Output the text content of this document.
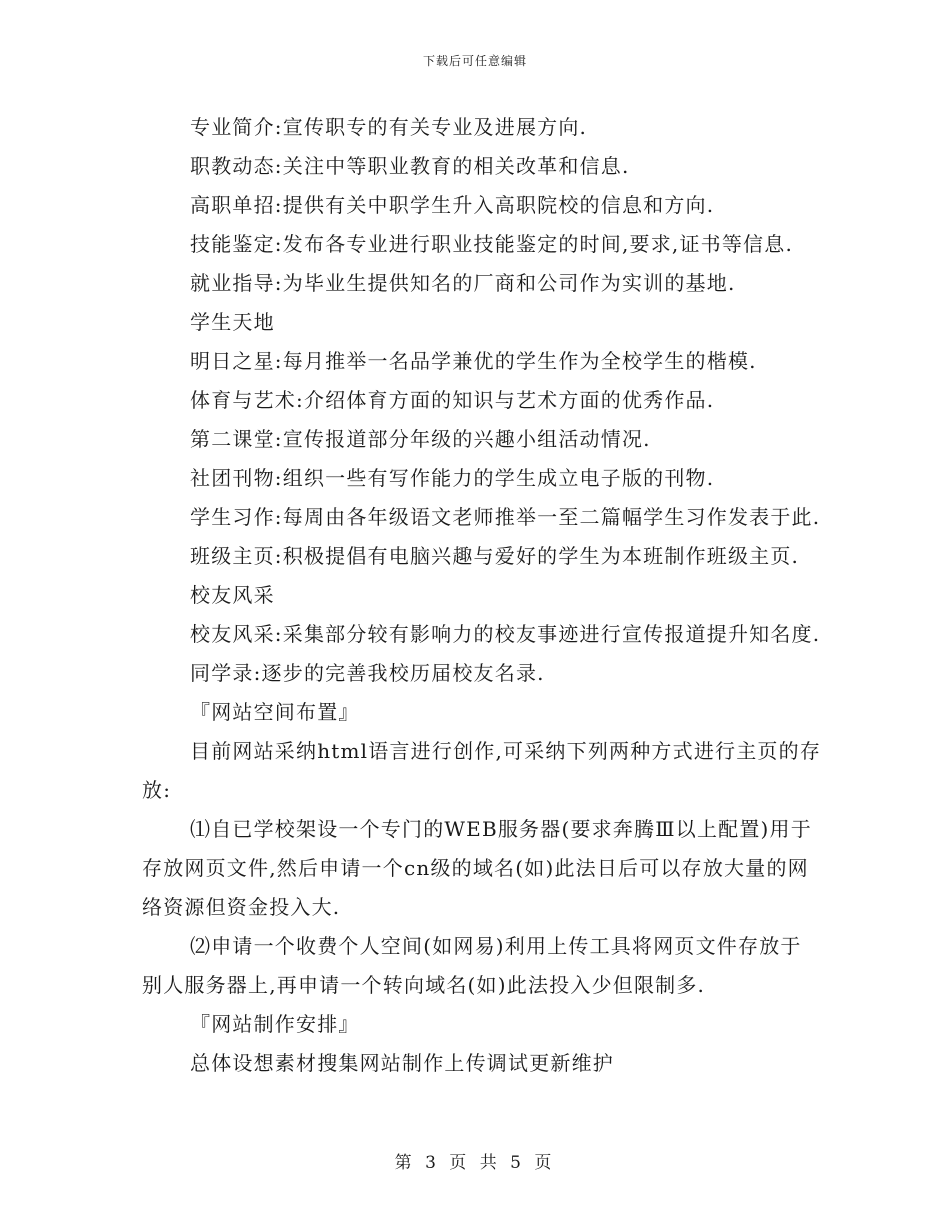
下载后可任意编辑

专业简介:宣传职专的有关专业及进展方向.

职教动态:关注中等职业教育的相关改革和信息.

高职单招:提供有关中职学生升入高职院校的信息和方向.

技能鉴定:发布各专业进行职业技能鉴定的时间,要求,证书等信息.

就业指导:为毕业生提供知名的厂商和公司作为实训的基地.

学生天地

明日之星:每月推举一名品学兼优的学生作为全校学生的楷模.

体育与艺术:介绍体育方面的知识与艺术方面的优秀作品.

第二课堂:宣传报道部分年级的兴趣小组活动情况.

社团刊物:组织一些有写作能力的学生成立电子版的刊物.

学生习作:每周由各年级语文老师推举一至二篇幅学生习作发表于此.

班级主页:积极提倡有电脑兴趣与爱好的学生为本班制作班级主页.

校友风采

校友风采:采集部分较有影响力的校友事迹进行宣传报道提升知名度.

同学录:逐步的完善我校历届校友名录.

『网站空间布置』

目前网站采纳html语言进行创作,可采纳下列两种方式进行主页的存放:

⑴自已学校架设一个专门的WEB服务器(要求奔腾Ⅲ以上配置)用于存放网页文件,然后申请一个cn级的域名(如)此法日后可以存放大量的网络资源但资金投入大.

⑵申请一个收费个人空间(如网易)利用上传工具将网页文件存放于别人服务器上,再申请一个转向域名(如)此法投入少但限制多.

『网站制作安排』

总体设想素材搜集网站制作上传调试更新维护

第 3 页 共 5 页
